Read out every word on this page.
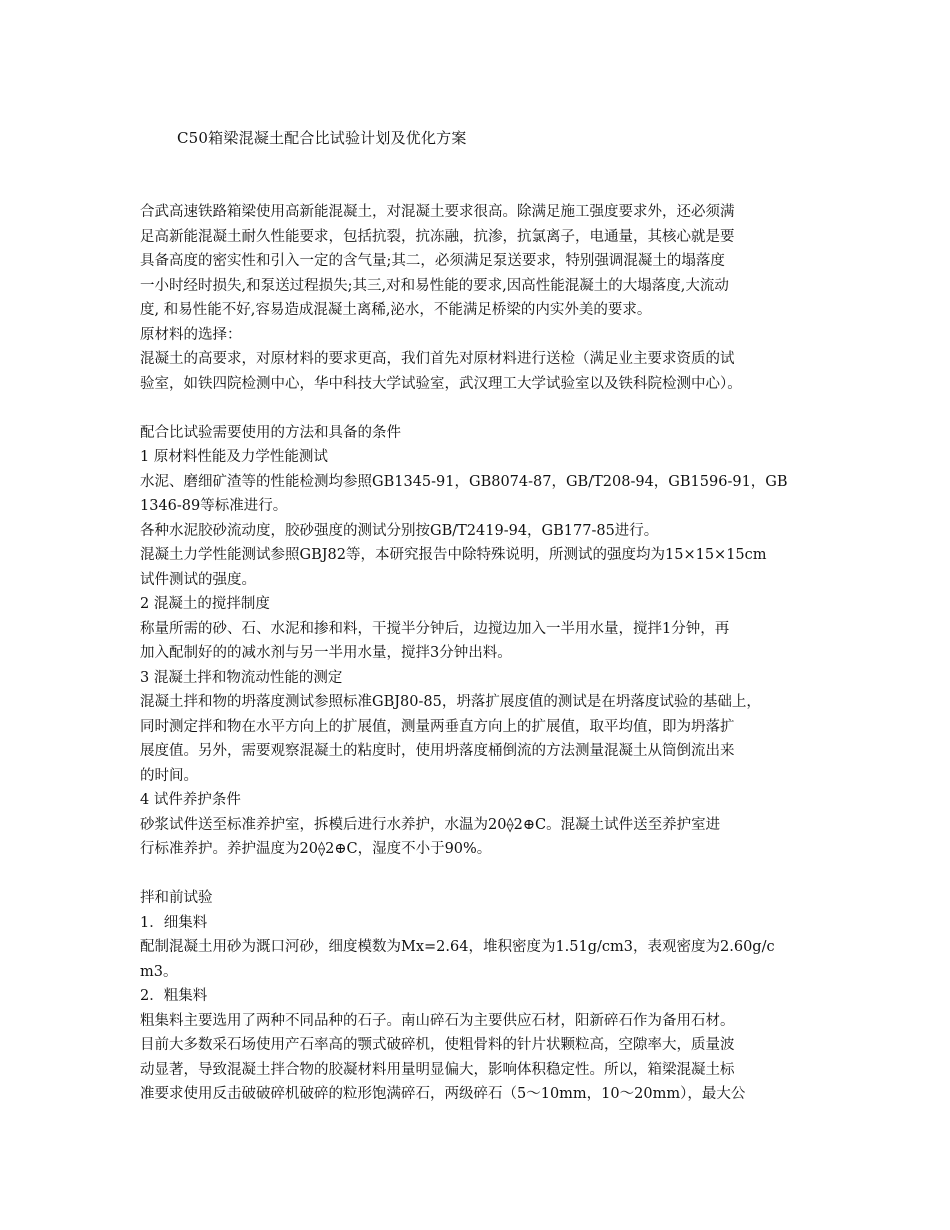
C50箱梁混凝土配合比试验计划及优化方案
合武高速铁路箱梁使用高新能混凝土，对混凝土要求很高。除满足施工强度要求外，还必须满
足高新能混凝土耐久性能要求，包括抗裂，抗冻融，抗渗，抗氯离子，电通量，其核心就是要
具备高度的密实性和引入一定的含气量;其二，必须满足泵送要求，特别强调混凝土的塌落度
一小时经时损失,和泵送过程损失;其三,对和易性能的要求,因高性能混凝土的大塌落度,大流动
度, 和易性能不好,容易造成混凝土离稀,泌水，不能满足桥梁的内实外美的要求。
原材料的选择：
混凝土的高要求，对原材料的要求更高，我们首先对原材料进行送检（满足业主要求资质的试
验室，如铁四院检测中心，华中科技大学试验室，武汉理工大学试验室以及铁科院检测中心）。
配合比试验需要使用的方法和具备的条件
1 原材料性能及力学性能测试
水泥、磨细矿渣等的性能检测均参照GB1345-91，GB8074-87，GB/T208-94，GB1596-91，GB
1346-89等标准进行。
各种水泥胶砂流动度，胶砂强度的测试分别按GB/T2419-94，GB177-85进行。
混凝土力学性能测试参照GBJ82等，本研究报告中除特殊说明，所测试的强度均为15×15×15cm
试件测试的强度。
2 混凝土的搅拌制度
称量所需的砂、石、水泥和掺和料，干搅半分钟后，边搅边加入一半用水量，搅拌1分钟，再
加入配制好的的减水剂与另一半用水量，搅拌3分钟出料。
3 混凝土拌和物流动性能的测定
混凝土拌和物的坍落度测试参照标准GBJ80-85，坍落扩展度值的测试是在坍落度试验的基础上，
同时测定拌和物在水平方向上的扩展值，测量两垂直方向上的扩展值，取平均值，即为坍落扩
展度值。另外，需要观察混凝土的粘度时，使用坍落度桶倒流的方法测量混凝土从筒倒流出来
的时间。
4 试件养护条件
砂浆试件送至标准养护室，拆模后进行水养护，水温为20⟠2⊕C。混凝土试件送至养护室进
行标准养护。养护温度为20⟠2⊕C，湿度不小于90%。
拌和前试验
1．细集料
配制混凝土用砂为溉口河砂，细度模数为Mx=2.64，堆积密度为1.51g/cm3，表观密度为2.60g/c
m3。
2．粗集料
粗集料主要选用了两种不同品种的石子。南山碎石为主要供应石材，阳新碎石作为备用石材。
目前大多数采石场使用产石率高的颚式破碎机，使粗骨料的针片状颗粒高，空隙率大，质量波
动显著，导致混凝土拌合物的胶凝材料用量明显偏大，影响体积稳定性。所以，箱梁混凝土标
准要求使用反击破破碎机破碎的粒形饱满碎石，两级碎石（5～10mm，10～20mm），最大公
